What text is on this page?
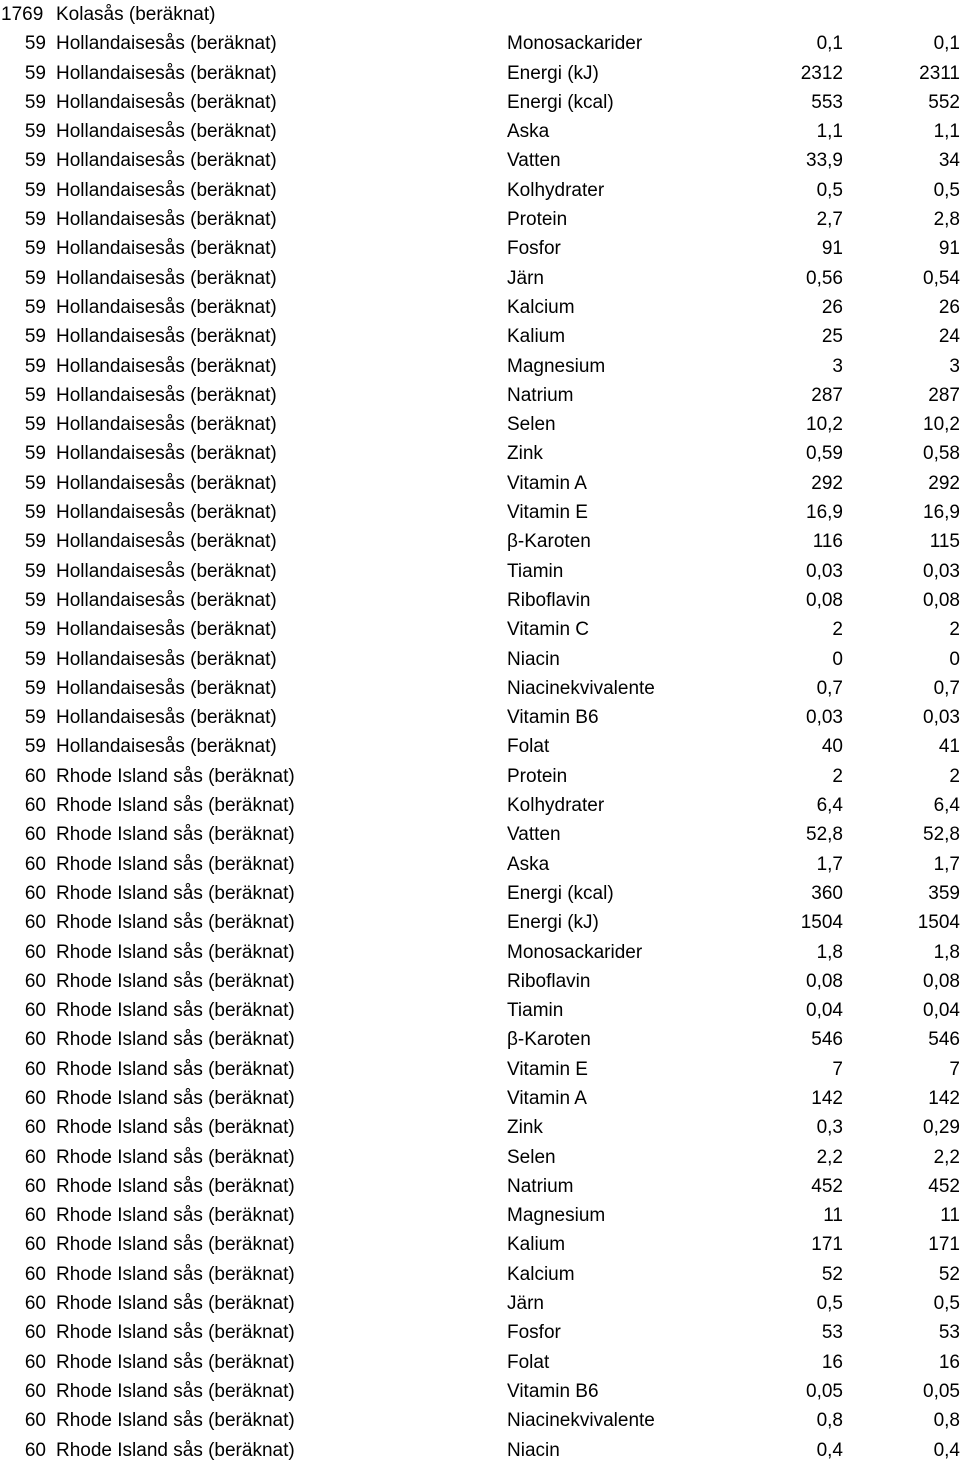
1769 Kolasås (beräknat)
59 Hollandaisesås (beräknat)	Monosackarider	0,1	0,1
59 Hollandaisesås (beräknat)	Energi (kJ)	2312	2311
59 Hollandaisesås (beräknat)	Energi (kcal)	553	552
59 Hollandaisesås (beräknat)	Aska	1,1	1,1
59 Hollandaisesås (beräknat)	Vatten	33,9	34
59 Hollandaisesås (beräknat)	Kolhydrater	0,5	0,5
59 Hollandaisesås (beräknat)	Protein	2,7	2,8
59 Hollandaisesås (beräknat)	Fosfor	91	91
59 Hollandaisesås (beräknat)	Järn	0,56	0,54
59 Hollandaisesås (beräknat)	Kalcium	26	26
59 Hollandaisesås (beräknat)	Kalium	25	24
59 Hollandaisesås (beräknat)	Magnesium	3	3
59 Hollandaisesås (beräknat)	Natrium	287	287
59 Hollandaisesås (beräknat)	Selen	10,2	10,2
59 Hollandaisesås (beräknat)	Zink	0,59	0,58
59 Hollandaisesås (beräknat)	Vitamin A	292	292
59 Hollandaisesås (beräknat)	Vitamin E	16,9	16,9
59 Hollandaisesås (beräknat)	β-Karoten	116	115
59 Hollandaisesås (beräknat)	Tiamin	0,03	0,03
59 Hollandaisesås (beräknat)	Riboflavin	0,08	0,08
59 Hollandaisesås (beräknat)	Vitamin C	2	2
59 Hollandaisesås (beräknat)	Niacin	0	0
59 Hollandaisesås (beräknat)	Niacinekvivalente	0,7	0,7
59 Hollandaisesås (beräknat)	Vitamin B6	0,03	0,03
59 Hollandaisesås (beräknat)	Folat	40	41
60 Rhode Island sås (beräknat)	Protein	2	2
60 Rhode Island sås (beräknat)	Kolhydrater	6,4	6,4
60 Rhode Island sås (beräknat)	Vatten	52,8	52,8
60 Rhode Island sås (beräknat)	Aska	1,7	1,7
60 Rhode Island sås (beräknat)	Energi (kcal)	360	359
60 Rhode Island sås (beräknat)	Energi (kJ)	1504	1504
60 Rhode Island sås (beräknat)	Monosackarider	1,8	1,8
60 Rhode Island sås (beräknat)	Riboflavin	0,08	0,08
60 Rhode Island sås (beräknat)	Tiamin	0,04	0,04
60 Rhode Island sås (beräknat)	β-Karoten	546	546
60 Rhode Island sås (beräknat)	Vitamin E	7	7
60 Rhode Island sås (beräknat)	Vitamin A	142	142
60 Rhode Island sås (beräknat)	Zink	0,3	0,29
60 Rhode Island sås (beräknat)	Selen	2,2	2,2
60 Rhode Island sås (beräknat)	Natrium	452	452
60 Rhode Island sås (beräknat)	Magnesium	11	11
60 Rhode Island sås (beräknat)	Kalium	171	171
60 Rhode Island sås (beräknat)	Kalcium	52	52
60 Rhode Island sås (beräknat)	Järn	0,5	0,5
60 Rhode Island sås (beräknat)	Fosfor	53	53
60 Rhode Island sås (beräknat)	Folat	16	16
60 Rhode Island sås (beräknat)	Vitamin B6	0,05	0,05
60 Rhode Island sås (beräknat)	Niacinekvivalente	0,8	0,8
60 Rhode Island sås (beräknat)	Niacin	0,4	0,4
